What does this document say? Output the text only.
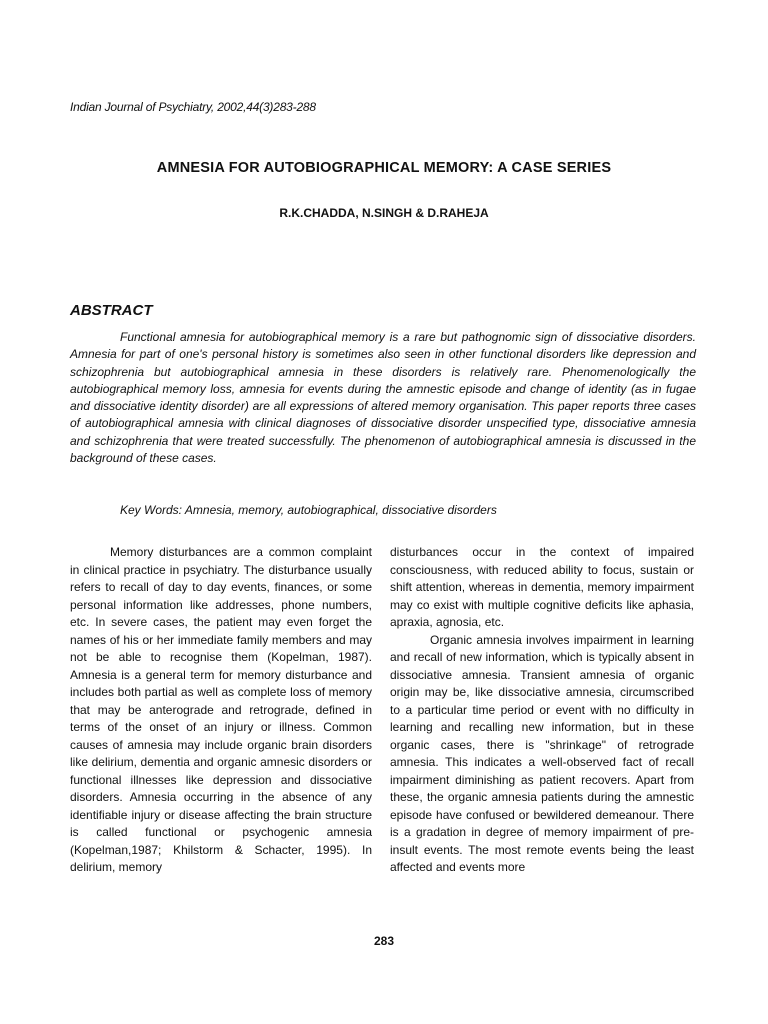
Indian Journal of Psychiatry, 2002,44(3)283-288
AMNESIA FOR AUTOBIOGRAPHICAL MEMORY: A CASE SERIES
R.K.CHADDA, N.SINGH & D.RAHEJA
ABSTRACT

Functional amnesia for autobiographical memory is a rare but pathognomic sign of dissociative disorders. Amnesia for part of one's personal history is sometimes also seen in other functional disorders like depression and schizophrenia but autobiographical amnesia in these disorders is relatively rare. Phenomenologically the autobiographical memory loss, amnesia for events during the amnestic episode and change of identity (as in fugae and dissociative identity disorder) are all expressions of altered memory organisation. This paper reports three cases of autobiographical amnesia with clinical diagnoses of dissociative disorder unspecified type, dissociative amnesia and schizophrenia that were treated successfully. The phenomenon of autobiographical amnesia is discussed in the background of these cases.

Key Words: Amnesia, memory, autobiographical, dissociative disorders

Memory disturbances are a common complaint in clinical practice in psychiatry. The disturbance usually refers to recall of day to day events, finances, or some personal information like addresses, phone numbers, etc. In severe cases, the patient may even forget the names of his or her immediate family members and may not be able to recognise them (Kopelman, 1987). Amnesia is a general term for memory disturbance and includes both partial as well as complete loss of memory that may be anterograde and retrograde, defined in terms of the onset of an injury or illness. Common causes of amnesia may include organic brain disorders like delirium, dementia and organic amnesic disorders or functional illnesses like depression and dissociative disorders. Amnesia occurring in the absence of any identifiable injury or disease affecting the brain structure is called functional or psychogenic amnesia (Kopelman,1987; Khilstorm & Schacter, 1995). In delirium, memory

disturbances occur in the context of impaired consciousness, with reduced ability to focus, sustain or shift attention, whereas in dementia, memory impairment may co exist with multiple cognitive deficits like aphasia, apraxia, agnosia, etc.

Organic amnesia involves impairment in learning and recall of new information, which is typically absent in dissociative amnesia. Transient amnesia of organic origin may be, like dissociative amnesia, circumscribed to a particular time period or event with no difficulty in learning and recalling new information, but in these organic cases, there is "shrinkage" of retrograde amnesia. This indicates a well-observed fact of recall impairment diminishing as patient recovers. Apart from these, the organic amnesia patients during the amnestic episode have confused or bewildered demeanour. There is a gradation in degree of memory impairment of pre-insult events. The most remote events being the least affected and events more

283
